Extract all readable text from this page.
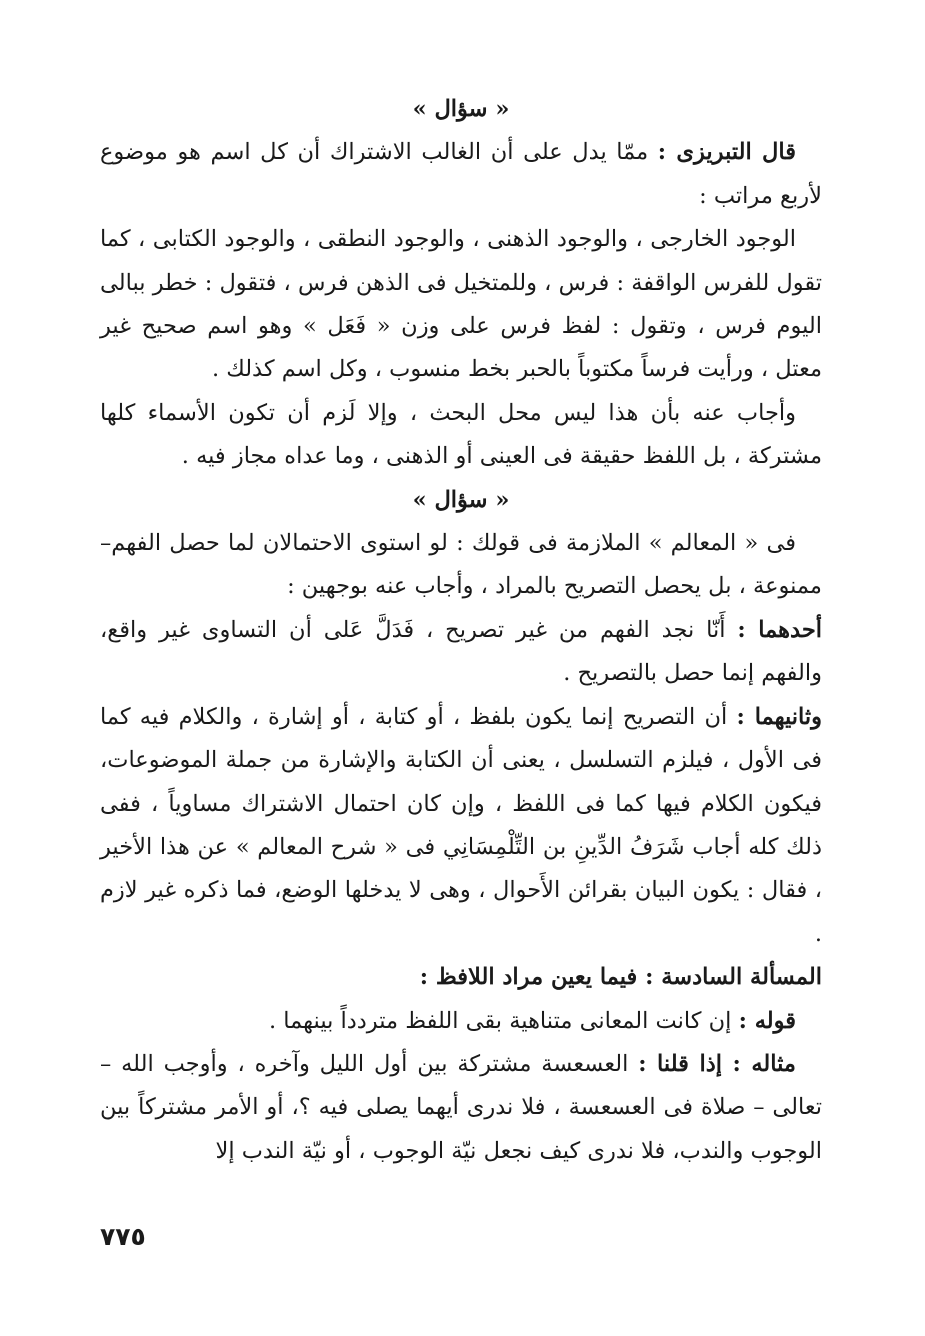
« سؤال »

قال التبريزى : ممّا يدل على أن الغالب الاشتراك أن كل اسم هو موضوع لأربع مراتب :

الوجود الخارجى ، والوجود الذهنى ، والوجود النطقى ، والوجود الكتابى ، كما تقول للفرس الواقفة : فرس ، وللمتخيل فى الذهن فرس ، فتقول : خطر ببالى اليوم فرس ، وتقول : لفظ فرس على وزن « فَعَل » وهو اسم صحيح غير معتل ، ورأيت فرساً مكتوباً بالحبر بخط منسوب ، وكل اسم كذلك .

وأجاب عنه بأن هذا ليس محل البحث ، وإلا لَزم أن تكون الأسماء كلها مشتركة ، بل اللفظ حقيقة فى العينى أو الذهنى ، وما عداه مجاز فيه .

« سؤال »

فى « المعالم » الملازمة فى قولك : لو استوى الاحتمالان لما حصل الفهم– ممنوعة ، بل يحصل التصريح بالمراد ، وأجاب عنه بوجهين :

أحدهما : أَنّا نجد الفهم من غير تصريح ، فَدَلَّ عَلى أن التساوى غير واقع، والفهم إنما حصل بالتصريح .

وثانيهما : أن التصريح إنما يكون بلفظ ، أو كتابة ، أو إشارة ، والكلام فيه كما فى الأول ، فيلزم التسلسل ، يعنى أن الكتابة والإشارة من جملة الموضوعات، فيكون الكلام فيها كما فى اللفظ ، وإن كان احتمال الاشتراك مساوياً ، ففى ذلك كله أجاب شَرَفُ الدِّينِ بن التِّلْمِسَانِي فى « شرح المعالم » عن هذا الأخير ، فقال : يكون البيان بقرائن الأَحوال ، وهى لا يدخلها الوضع، فما ذكره غير لازم .

المسألة السادسة : فيما يعين مراد اللافظ :

قوله : إن كانت المعانى متناهية بقى اللفظ متردداً بينهما .

مثاله : إذا قلنا : العسعسة مشتركة بين أول الليل وآخره ، وأوجب الله – تعالى – صلاة فى العسعسة ، فلا ندرى أيهما يصلى فيه ؟، أو الأمر مشتركاً بين الوجوب والندب، فلا ندرى كيف نجعل نيّة الوجوب ، أو نيّة الندب إلا

٧٧٥
